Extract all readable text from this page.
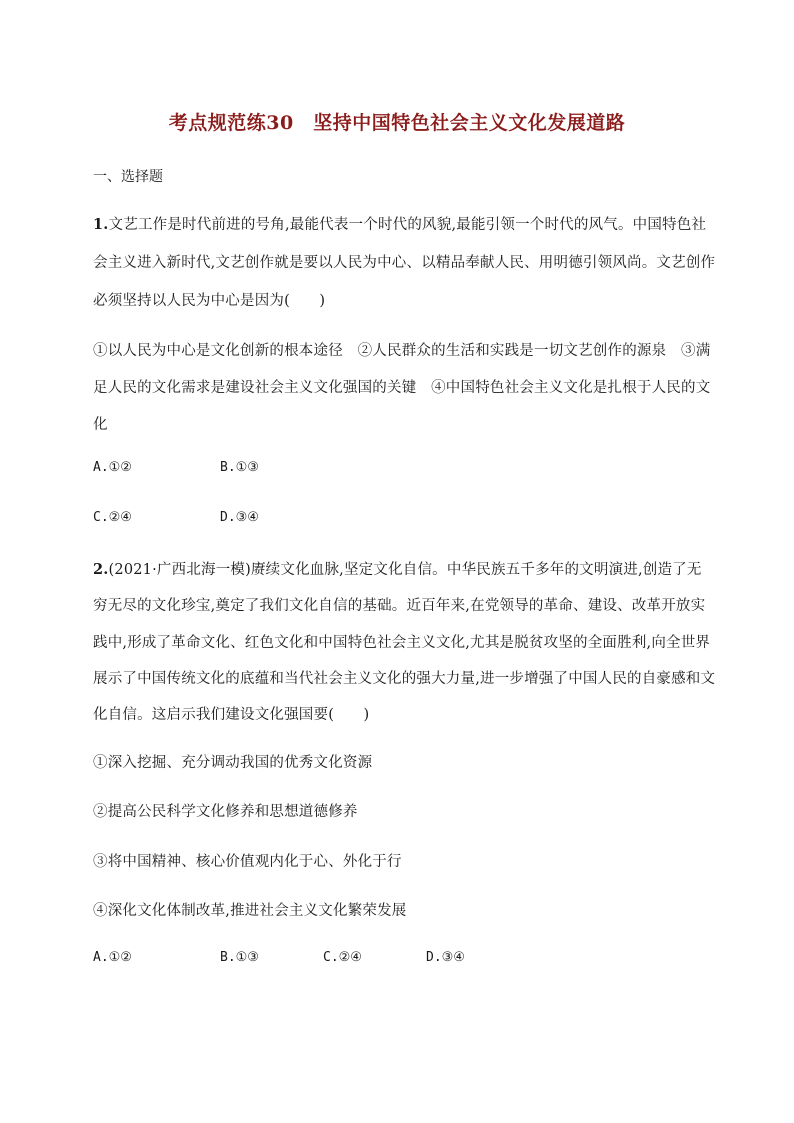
考点规范练30　坚持中国特色社会主义文化发展道路
一、选择题
1.文艺工作是时代前进的号角,最能代表一个时代的风貌,最能引领一个时代的风气。中国特色社
会主义进入新时代,文艺创作就是要以人民为中心、以精品奉献人民、用明德引领风尚。文艺创作
必须坚持以人民为中心是因为(　　)
①以人民为中心是文化创新的根本途径　②人民群众的生活和实践是一切文艺创作的源泉　③满
足人民的文化需求是建设社会主义文化强国的关键　④中国特色社会主义文化是扎根于人民的文
化
A.①②	B.①③
C.②④	D.③④
2.(2021·广西北海一模)赓续文化血脉,坚定文化自信。中华民族五千多年的文明演进,创造了无
穷无尽的文化珍宝,奠定了我们文化自信的基础。近百年来,在党领导的革命、建设、改革开放实
践中,形成了革命文化、红色文化和中国特色社会主义文化,尤其是脱贫攻坚的全面胜利,向全世界
展示了中国传统文化的底蕴和当代社会主义文化的强大力量,进一步增强了中国人民的自豪感和文
化自信。这启示我们建设文化强国要(　　)
①深入挖掘、充分调动我国的优秀文化资源
②提高公民科学文化修养和思想道德修养
③将中国精神、核心价值观内化于心、外化于行
④深化文化体制改革,推进社会主义文化繁荣发展
A.①②	B.①③	C.②④	D.③④
